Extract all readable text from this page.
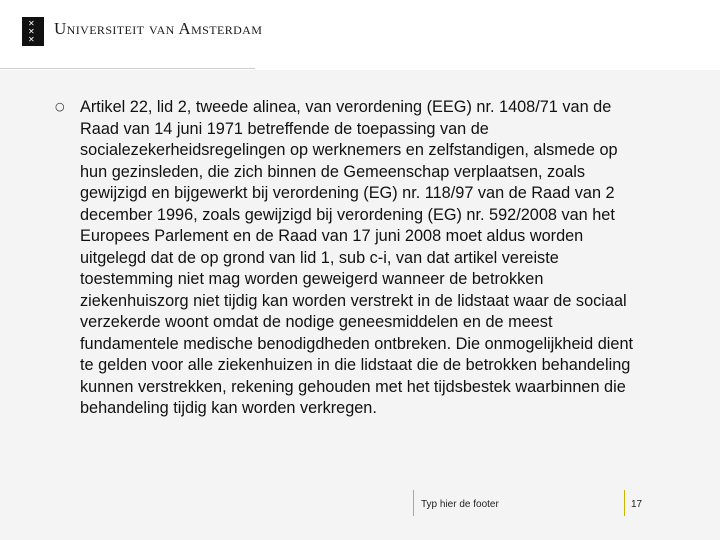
✕
✕
✕
Universiteit van Amsterdam
○ Artikel 22, lid 2, tweede alinea, van verordening (EEG) nr. 1408/71 van de Raad van 14 juni 1971 betreffende de toepassing van de socialezekerheidsregelingen op werknemers en zelfstandigen, alsmede op hun gezinsleden, die zich binnen de Gemeenschap verplaatsen, zoals gewijzigd en bijgewerkt bij verordening (EG) nr. 118/97 van de Raad van 2 december 1996, zoals gewijzigd bij verordening (EG) nr. 592/2008 van het Europees Parlement en de Raad van 17 juni 2008 moet aldus worden uitgelegd dat de op grond van lid 1, sub c‑i, van dat artikel vereiste toestemming niet mag worden geweigerd wanneer de betrokken ziekenhuiszorg niet tijdig kan worden verstrekt in de lidstaat waar de sociaal verzekerde woont omdat de nodige geneesmiddelen en de meest fundamentele medische benodigdheden ontbreken. Die onmogelijkheid dient te gelden voor alle ziekenhuizen in die lidstaat die de betrokken behandeling kunnen verstrekken, rekening gehouden met het tijdsbestek waarbinnen die behandeling tijdig kan worden verkregen.

Typ hier de footer	17
